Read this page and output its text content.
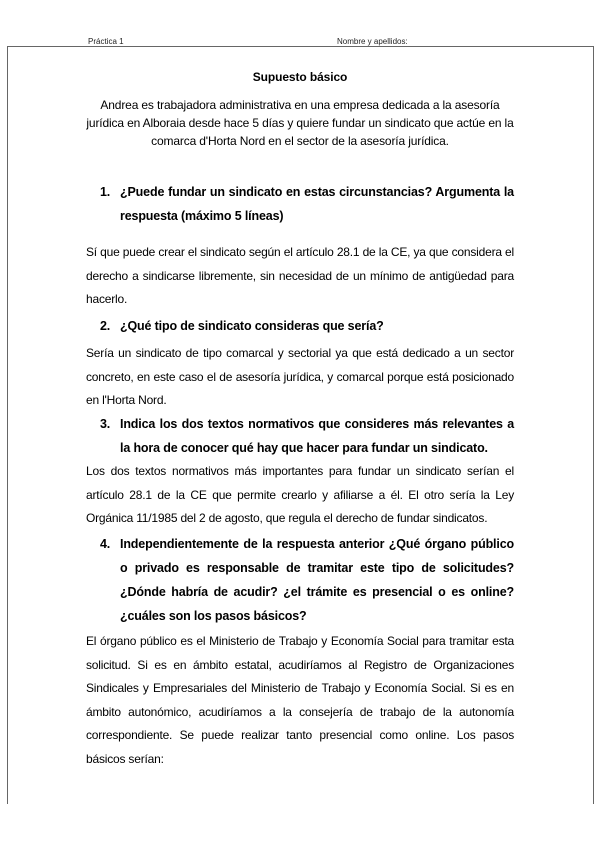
Práctica 1	Nombre y apellidos:
Supuesto básico
Andrea es trabajadora administrativa en una empresa dedicada a la asesoría jurídica en Alboraia desde hace 5 días y quiere fundar un sindicato que actúe en la comarca d'Horta Nord en el sector de la asesoría jurídica.
1. ¿Puede fundar un sindicato en estas circunstancias? Argumenta la respuesta (máximo 5 líneas)
Sí que puede crear el sindicato según el artículo 28.1 de la CE, ya que considera el derecho a sindicarse libremente, sin necesidad de un mínimo de antigüedad para hacerlo.
2. ¿Qué tipo de sindicato consideras que sería?
Sería un sindicato de tipo comarcal y sectorial ya que está dedicado a un sector concreto, en este caso el de asesoría jurídica, y comarcal porque está posicionado en l'Horta Nord.
3. Indica los dos textos normativos que consideres más relevantes a la hora de conocer qué hay que hacer para fundar un sindicato.
Los dos textos normativos más importantes para fundar un sindicato serían el artículo 28.1 de la CE que permite crearlo y afiliarse a él. El otro sería la Ley Orgánica 11/1985 del 2 de agosto, que regula el derecho de fundar sindicatos.
4. Independientemente de la respuesta anterior ¿Qué órgano público o privado es responsable de tramitar este tipo de solicitudes? ¿Dónde habría de acudir? ¿el trámite es presencial o es online? ¿cuáles son los pasos básicos?
El órgano público es el Ministerio de Trabajo y Economía Social para tramitar esta solicitud. Si es en ámbito estatal, acudiríamos al Registro de Organizaciones Sindicales y Empresariales del Ministerio de Trabajo y Economía Social. Si es en ámbito autonómico, acudiríamos a la consejería de trabajo de la autonomía correspondiente. Se puede realizar tanto presencial como online. Los pasos básicos serían:
